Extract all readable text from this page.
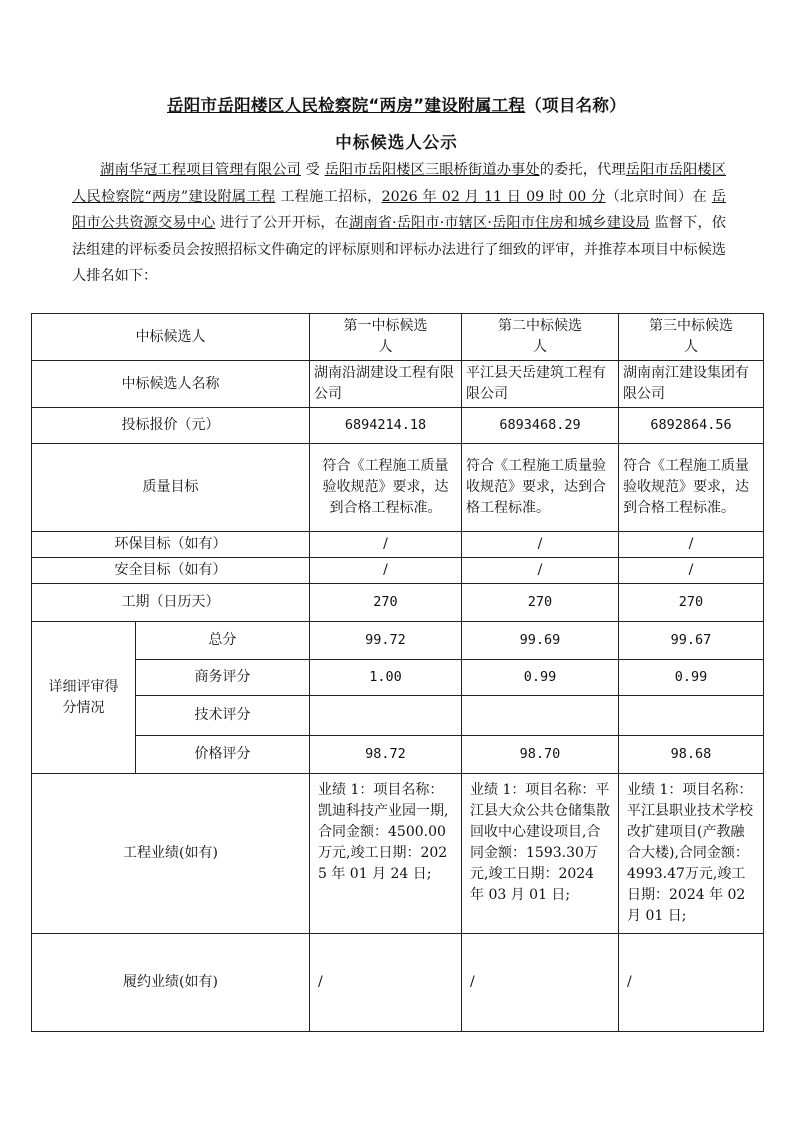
岳阳市岳阳楼区人民检察院“两房”建设附属工程（项目名称）
中标候选人公示
湖南华冠工程项目管理有限公司 受 岳阳市岳阳楼区三眼桥街道办事处的委托，代理岳阳市岳阳楼区人民检察院“两房”建设附属工程 工程施工招标，2026 年 02 月 11 日 09 时 00 分（北京时间）在 岳阳市公共资源交易中心 进行了公开开标，在湖南省·岳阳市·市辖区·岳阳市住房和城乡建设局 监督下，依法组建的评标委员会按照招标文件确定的评标原则和评标办法进行了细致的评审，并推荐本项目中标候选人排名如下：
中标候选人		第一中标候选人	第二中标候选人	第三中标候选人
中标候选人名称		湖南沿湖建设工程有限公司	平江县天岳建筑工程有限公司	湖南南江建设集团有限公司
投标报价（元）		6894214.18	6893468.29	6892864.56
质量目标		符合《工程施工质量验收规范》要求，达到合格工程标准。	符合《工程施工质量验收规范》要求，达到合格工程标准。	符合《工程施工质量验收规范》要求，达到合格工程标准。
环保目标（如有）		/	/	/
安全目标（如有）		/	/	/
工期（日历天）		270	270	270
详细评审得分情况	总分	99.72	99.69	99.67
	商务评分	1.00	0.99	0.99
	技术评分			
	价格评分	98.72	98.70	98.68
工程业绩(如有)		业绩 1：项目名称：凯迪科技产业园一期,合同金额：4500.00万元,竣工日期：2025 年 01 月 24 日;	业绩 1：项目名称：平江县大众公共仓储集散回收中心建设项目,合同金额：1593.30万元,竣工日期：2024 年 03 月 01 日;	业绩 1：项目名称：平江县职业技术学校改扩建项目(产教融合大楼),合同金额：4993.47万元,竣工日期：2024 年 02 月 01 日;
履约业绩(如有)		/	/	/
